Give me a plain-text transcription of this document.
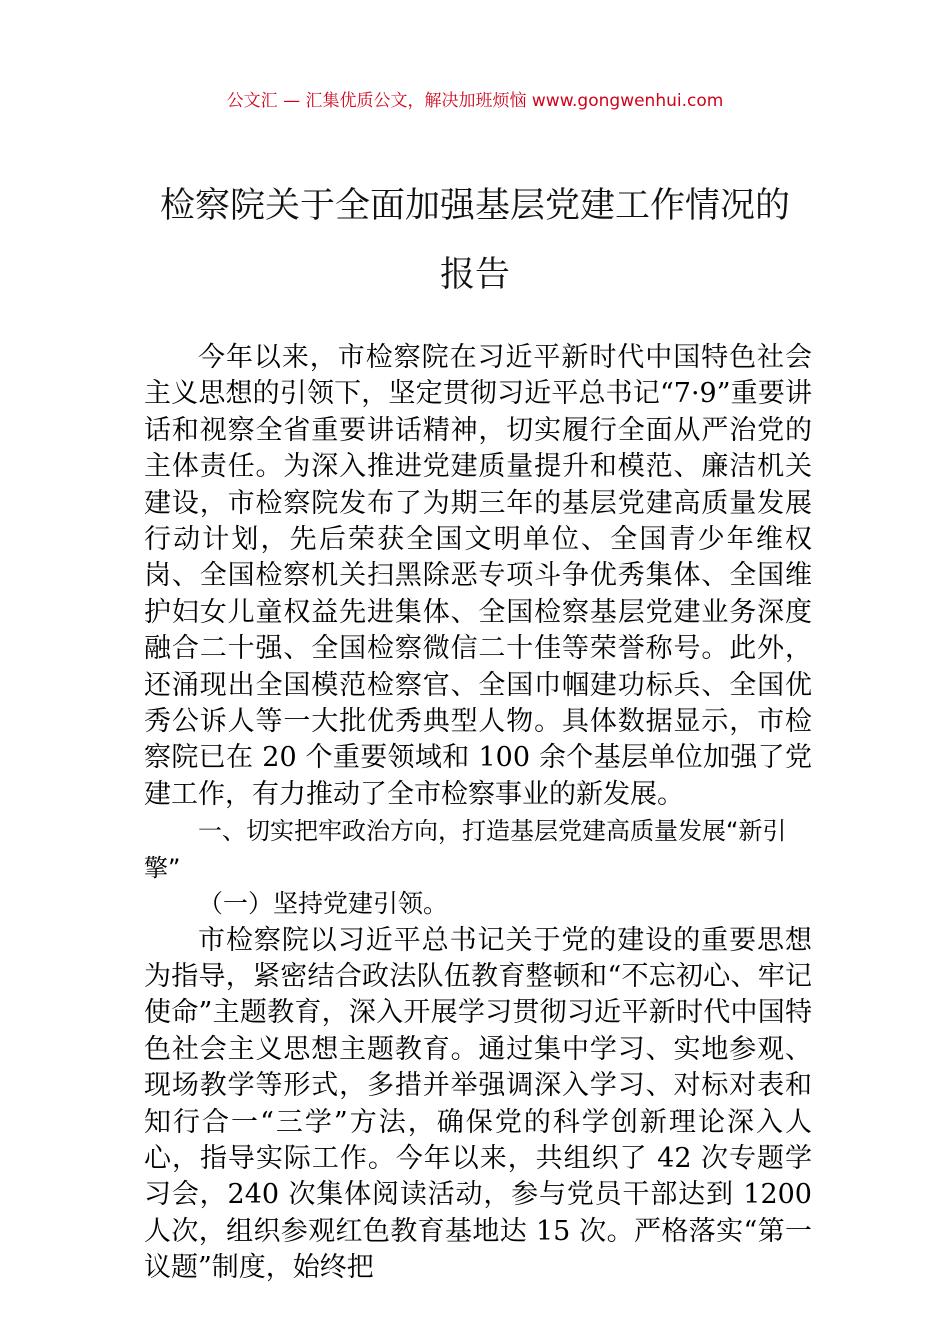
公文汇 — 汇集优质公文，解决加班烦恼 www.gongwenhui.com
检察院关于全面加强基层党建工作情况的
报告

今年以来，市检察院在习近平新时代中国特色社会主义思想的引领下，坚定贯彻习近平总书记“7·9”重要讲话和视察全省重要讲话精神，切实履行全面从严治党的主体责任。为深入推进党建质量提升和模范、廉洁机关建设，市检察院发布了为期三年的基层党建高质量发展行动计划，先后荣获全国文明单位、全国青少年维权岗、全国检察机关扫黑除恶专项斗争优秀集体、全国维护妇女儿童权益先进集体、全国检察基层党建业务深度融合二十强、全国检察微信二十佳等荣誉称号。此外，还涌现出全国模范检察官、全国巾帼建功标兵、全国优秀公诉人等一大批优秀典型人物。具体数据显示，市检察院已在 20 个重要领域和 100 余个基层单位加强了党建工作，有力推动了全市检察事业的新发展。

一、切实把牢政治方向，打造基层党建高质量发展“新引擎”

（一）坚持党建引领。

市检察院以习近平总书记关于党的建设的重要思想为指导，紧密结合政法队伍教育整顿和“不忘初心、牢记使命”主题教育，深入开展学习贯彻习近平新时代中国特色社会主义思想主题教育。通过集中学习、实地参观、现场教学等形式，多措并举强调深入学习、对标对表和知行合一“三学”方法，确保党的科学创新理论深入人心，指导实际工作。今年以来，共组织了 42 次专题学习会，240 次集体阅读活动，参与党员干部达到 1200 人次，组织参观红色教育基地达 15 次。严格落实“第一议题”制度，始终把
